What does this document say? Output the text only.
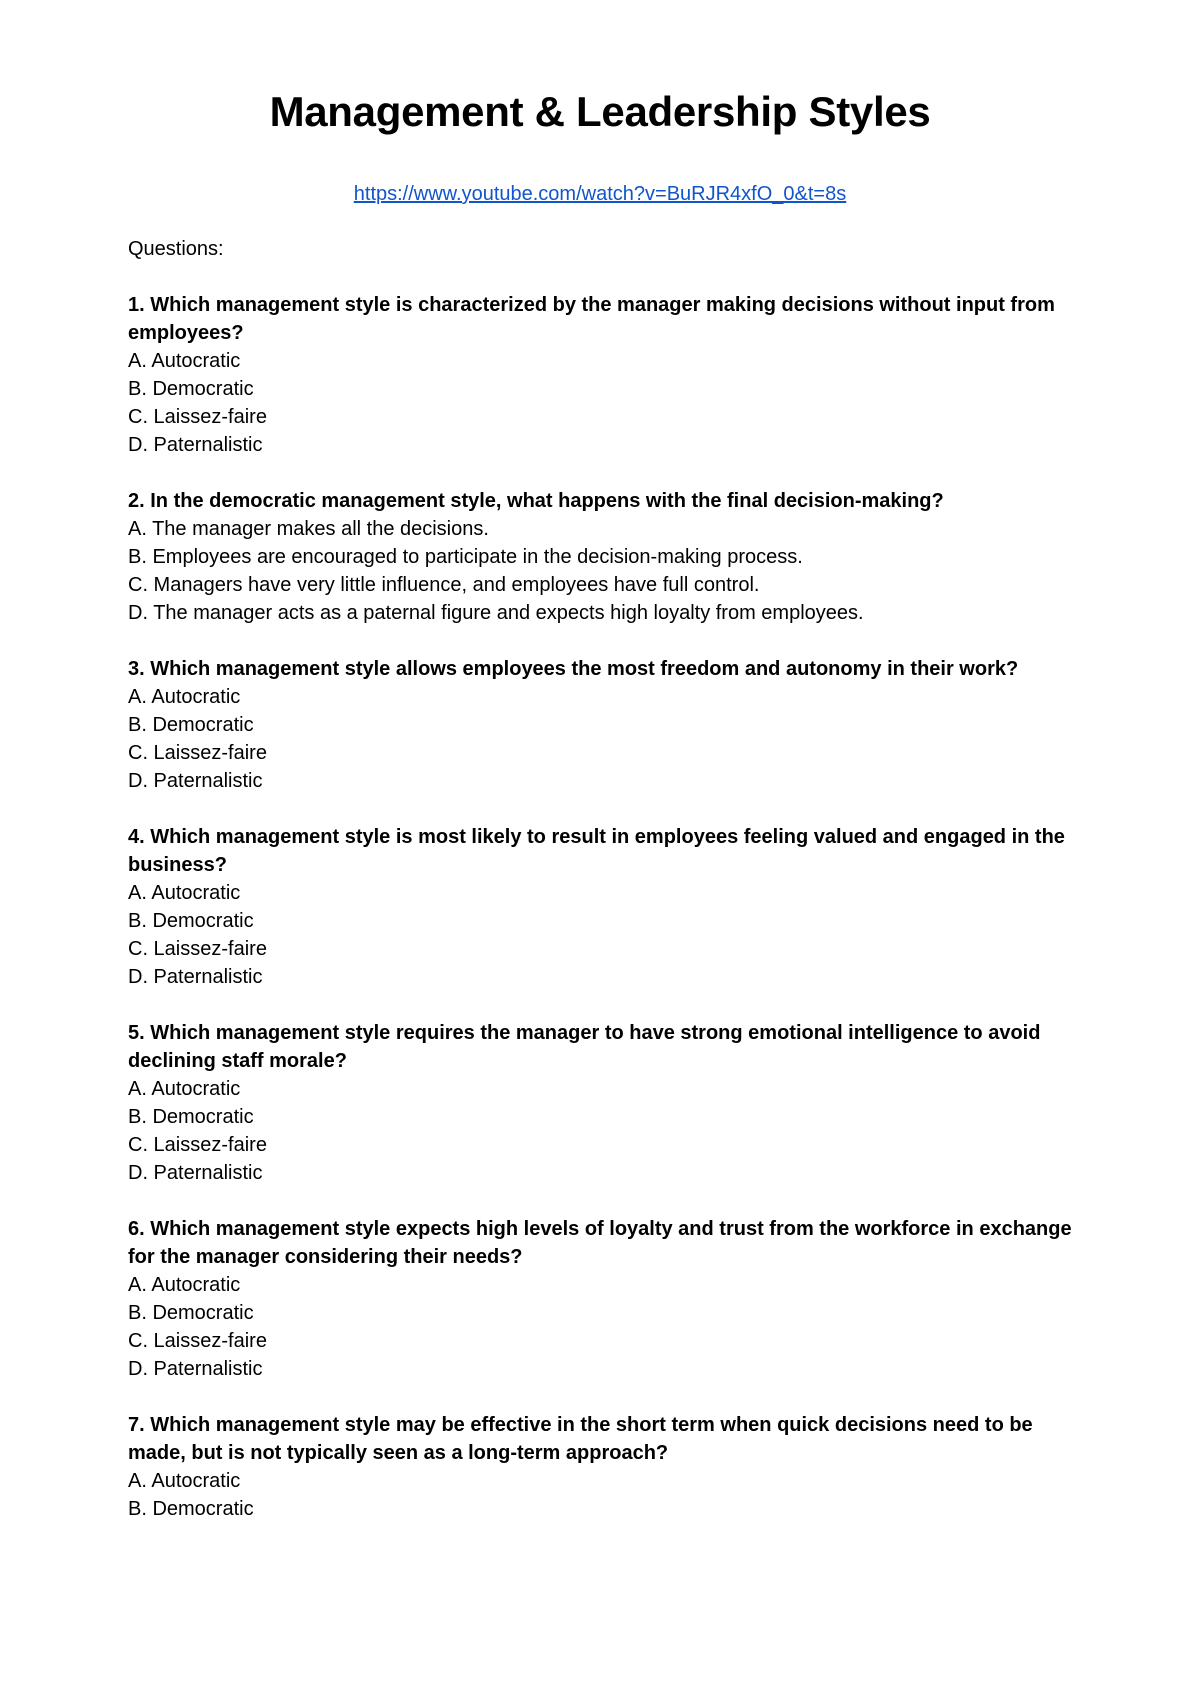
Management & Leadership Styles
https://www.youtube.com/watch?v=BuRJR4xfO_0&t=8s
Questions:

1. Which management style is characterized by the manager making decisions without input from employees?

A. Autocratic
B. Democratic
C. Laissez-faire
D. Paternalistic

2. In the democratic management style, what happens with the final decision-making?

A. The manager makes all the decisions.
B. Employees are encouraged to participate in the decision-making process.
C. Managers have very little influence, and employees have full control.
D. The manager acts as a paternal figure and expects high loyalty from employees.

3. Which management style allows employees the most freedom and autonomy in their work?

A. Autocratic
B. Democratic
C. Laissez-faire
D. Paternalistic

4. Which management style is most likely to result in employees feeling valued and engaged in the business?

A. Autocratic
B. Democratic
C. Laissez-faire
D. Paternalistic

5. Which management style requires the manager to have strong emotional intelligence to avoid declining staff morale?

A. Autocratic
B. Democratic
C. Laissez-faire
D. Paternalistic

6. Which management style expects high levels of loyalty and trust from the workforce in exchange for the manager considering their needs?

A. Autocratic
B. Democratic
C. Laissez-faire
D. Paternalistic

7. Which management style may be effective in the short term when quick decisions need to be made, but is not typically seen as a long-term approach?

A. Autocratic
B. Democratic
